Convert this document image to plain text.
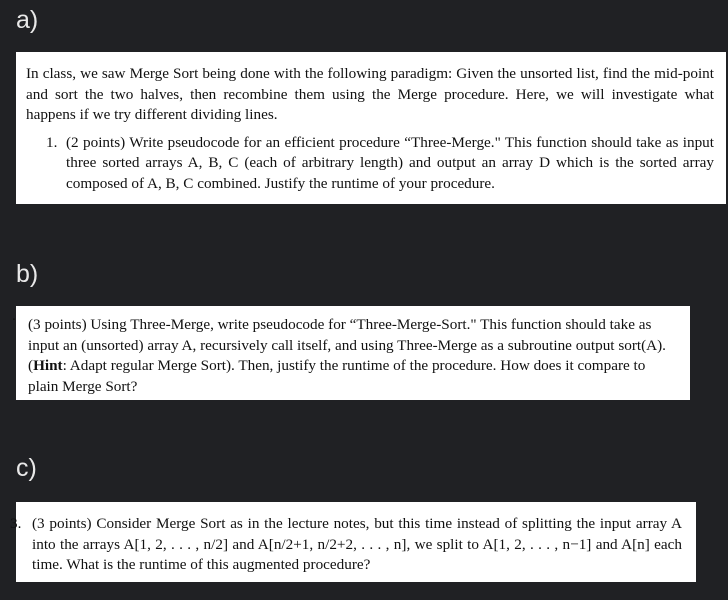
a)

In class, we saw Merge Sort being done with the following paradigm: Given the unsorted list, find the mid-point and sort the two halves, then recombine them using the Merge procedure. Here, we will investigate what happens if we try different dividing lines.

1. (2 points) Write pseudocode for an efficient procedure “Three-Merge." This function should take as input three sorted arrays A, B, C (each of arbitrary length) and output an array D which is the sorted array composed of A, B, C combined. Justify the runtime of your procedure.

b)
.

(3 points) Using Three-Merge, write pseudocode for “Three-Merge-Sort." This function should take as input an (unsorted) array A, recursively call itself, and using Three-Merge as a subroutine output sort(A). (Hint: Adapt regular Merge Sort). Then, justify the runtime of the procedure. How does it compare to plain Merge Sort?

c)
3. (3 points) Consider Merge Sort as in the lecture notes, but this time instead of splitting the input array A into the arrays A[1, 2, . . . , n/2] and A[n/2+1, n/2+2, . . . , n], we split to A[1, 2, . . . , n−1] and A[n] each time. What is the runtime of this augmented procedure?
